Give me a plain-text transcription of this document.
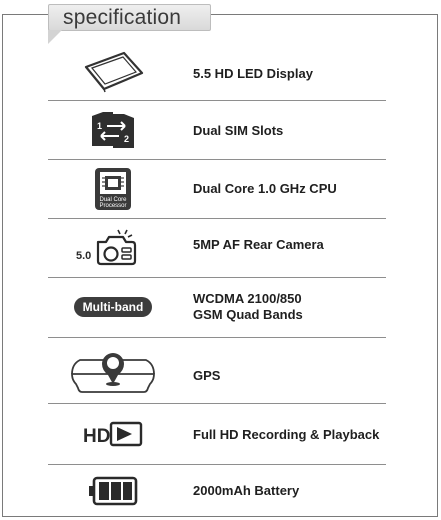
specification
5.5 HD LED Display
1
2
Dual SIM Slots
Dual Core
Processor
Dual Core 1.0 GHz CPU
5.0
5MP AF Rear Camera
Multi-band
WCDMA 2100/850
GSM Quad Bands
GPS
HD	Full HD Recording & Playback
2000mAh Battery
